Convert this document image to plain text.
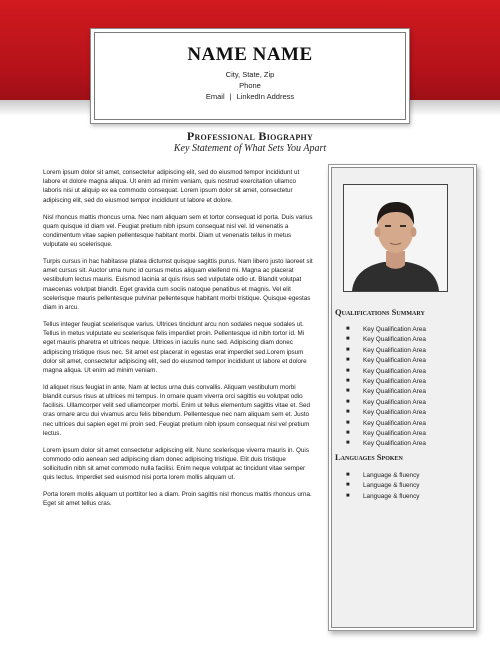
NAME NAME
City, State, Zip
Phone
Email | LinkedIn Address
Professional Biography
Key Statement of What Sets You Apart

Lorem ipsum dolor sit amet, consectetur adipiscing elit, sed do eiusmod tempor incididunt ut labore et dolore magna aliqua. Ut enim ad minim veniam, quis nostrud exercitation ullamco laboris nisi ut aliquip ex ea commodo consequat. Lorem ipsum dolor sit amet, consectetur adipiscing elit, sed do eiusmod tempor incididunt ut labore et dolore.

Nisl rhoncus mattis rhoncus urna. Nec nam aliquam sem et tortor consequat id porta. Duis varius quam quisque id diam vel. Feugiat pretium nibh ipsum consequat nisl vel. Id venenatis a condimentum vitae sapien pellentesque habitant morbi. Diam ut venenatis tellus in metus vulputate eu scelerisque.

Turpis cursus in hac habitasse platea dictumst quisque sagittis purus. Nam libero justo laoreet sit amet cursus sit. Auctor urna nunc id cursus metus aliquam eleifend mi. Magna ac placerat vestibulum lectus mauris. Euismod lacinia at quis risus sed vulputate odio ut. Blandit volutpat maecenas volutpat blandit. Eget gravida cum sociis natoque penatibus et magnis. Vel elit scelerisque mauris pellentesque pulvinar pellentesque habitant morbi tristique. Quisque egestas diam in arcu.

Tellus integer feugiat scelerisque varius. Ultrices tincidunt arcu non sodales neque sodales ut. Tellus in metus vulputate eu scelerisque felis imperdiet proin. Pellentesque id nibh tortor id. Mi eget mauris pharetra et ultrices neque. Ultrices in iaculis nunc sed. Adipiscing diam donec adipiscing tristique risus nec. Sit amet est placerat in egestas erat imperdiet sed.Lorem ipsum dolor sit amet, consectetur adipiscing elit, sed do eiusmod tempor incididunt ut labore et dolore magna aliqua. Ut enim ad minim veniam.

Id aliquet risus feugiat in ante. Nam at lectus urna duis convallis. Aliquam vestibulum morbi blandit cursus risus at ultrices mi tempus. In ornare quam viverra orci sagittis eu volutpat odio facilisis. Ullamcorper velit sed ullamcorper morbi. Enim ut tellus elementum sagittis vitae et. Sed cras ornare arcu dui vivamus arcu felis bibendum. Pellentesque nec nam aliquam sem et. Justo nec ultrices dui sapien eget mi proin sed. Feugiat pretium nibh ipsum consequat nisl vel pretium lectus.

Lorem ipsum dolor sit amet consectetur adipiscing elit. Nunc scelerisque viverra mauris in. Quis commodo odio aenean sed adipiscing diam donec adipiscing tristique. Elit duis tristique sollicitudin nibh sit amet commodo nulla facilisi. Enim neque volutpat ac tincidunt vitae semper quis lectus. Imperdiet sed euismod nisi porta lorem mollis aliquam ut.

Porta lorem mollis aliquam ut porttitor leo a diam. Proin sagittis nisl rhoncus mattis rhoncus urna. Eget sit amet tellus cras.

Qualifications Summary
■ Key Qualification Area
■ Key Qualification Area
■ Key Qualification Area
■ Key Qualification Area
■ Key Qualification Area
■ Key Qualification Area
■ Key Qualification Area
■ Key Qualification Area
■ Key Qualification Area
■ Key Qualification Area
■ Key Qualification Area
■ Key Qualification Area
Languages Spoken
■ Language & fluency
■ Language & fluency
■ Language & fluency
